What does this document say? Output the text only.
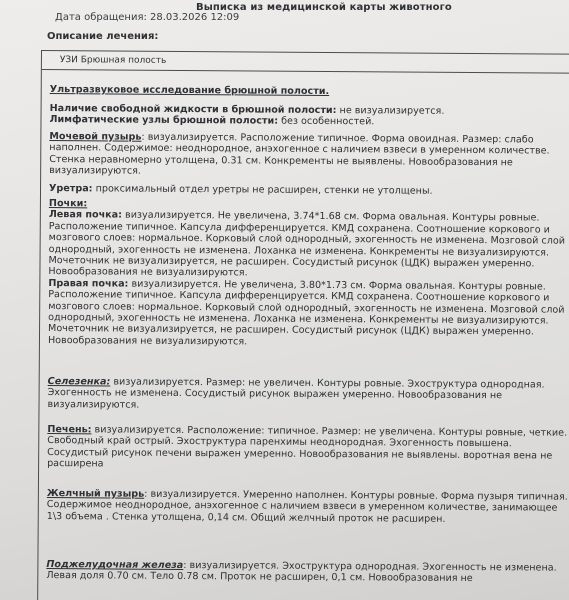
Выписка из медицинской карты животного
Дата обращения: 28.03.2026 12:09
Описание лечения:
УЗИ Брюшная полость
Ультразвуковое исследование брюшной полости.
Наличие свободной жидкости в брюшной полости: не визуализируется.
Лимфатические узлы брюшной полости: без особенностей.
Мочевой пузырь: визуализируется. Расположение типичное. Форма овоидная. Размер: слабо наполнен. Содержимое: неоднородное, анэхогенное с наличием взвеси в умеренном количестве. Стенка неравномерно утолщена, 0.31 см. Конкременты не выявлены. Новообразования не визуализируются.
Уретра: проксимальный отдел уретры не расширен, стенки не утолщены.
Почки:
Левая почка: визуализируется. Не увеличена, 3.74*1.68 см. Форма овальная. Контуры ровные. Расположение типичное. Капсула дифференцируется. КМД сохранена. Соотношение коркового и мозгового слоев: нормальное. Корковый слой однородный, эхогенность не изменена. Мозговой слой однородный, эхогенность не изменена. Лоханка не изменена. Конкременты не визуализируются. Мочеточник не визуализируется, не расширен. Сосудистый рисунок (ЦДК) выражен умеренно. Новообразования не визуализируются.
Правая почка: визуализируется. Не увеличена, 3.80*1.73 см. Форма овальная. Контуры ровные. Расположение типичное. Капсула дифференцируется. КМД сохранена. Соотношение коркового и мозгового слоев: нормальное. Корковый слой однородный, эхогенность не изменена. Мозговой слой однородный, эхогенность не изменена. Лоханка не изменена. Конкременты не визуализируются. Мочеточник не визуализируется, не расширен. Сосудистый рисунок (ЦДК) выражен умеренно. Новообразования не визуализируются.
Селезенка: визуализируется. Размер: не увеличен. Контуры ровные. Эхоструктура однородная. Эхогенность не изменена. Сосудистый рисунок выражен умеренно. Новообразования не визуализируются.
Печень: визуализируется. Расположение: типичное. Размер: не увеличена. Контуры ровные, четкие. Свободный край острый. Эхоструктура паренхимы неоднородная. Эхогенность повышена. Сосудистый рисунок печени выражен умеренно. Новообразования не выявлены. воротная вена не расширена
Желчный пузырь: визуализируется. Умеренно наполнен. Контуры ровные. Форма пузыря типичная. Содержимое неоднородное, анэхогенное с наличием взвеси в умеренном количестве, занимающее 1\3 объема . Стенка утолщена, 0,14 см. Общий желчный проток не расширен.
Поджелудочная железа: визуализируется. Эхоструктура однородная. Эхогенность не изменена. Левая доля 0.70 см. Тело 0.78 см. Проток не расширен, 0,1 см. Новообразования не
